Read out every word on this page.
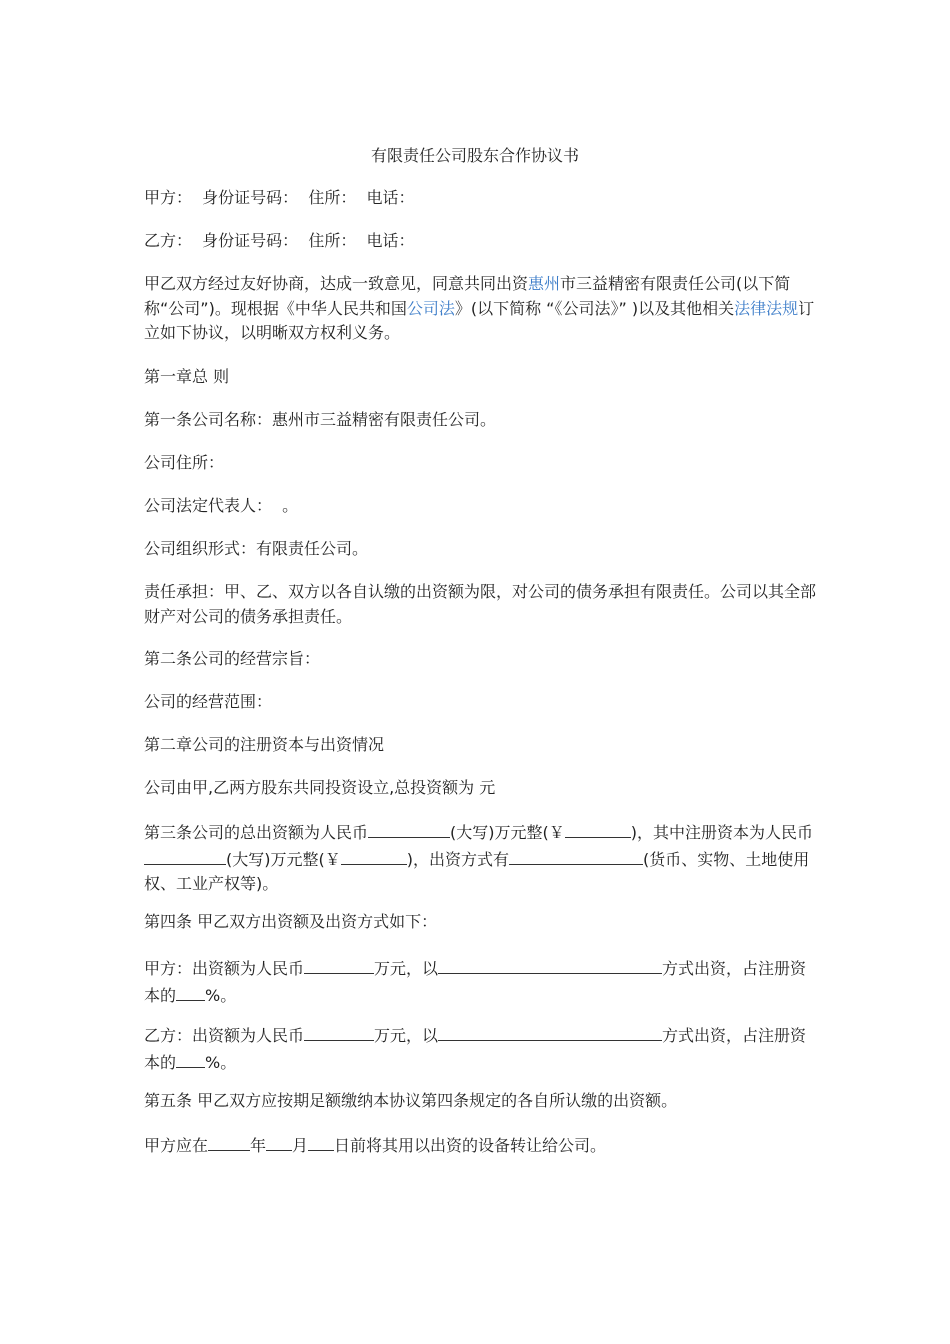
有限责任公司股东合作协议书
甲方：  身份证号码：  住所：  电话：
乙方：  身份证号码：  住所：  电话：
甲乙双方经过友好协商，达成一致意见，同意共同出资惠州市三益精密有限责任公司(以下简称“公司”)。现根据《中华人民共和国公司法》(以下简称 “《公司法》” )以及其他相关法律法规订立如下协议，以明晰双方权利义务。
第一章总 则
第一条公司名称：惠州市三益精密有限责任公司。
公司住所：
公司法定代表人：  。
公司组织形式：有限责任公司。
责任承担：甲、乙、双方以各自认缴的出资额为限，对公司的债务承担有限责任。公司以其全部财产对公司的债务承担责任。
第二条公司的经营宗旨：
公司的经营范围：
第二章公司的注册资本与出资情况
公司由甲,乙两方股东共同投资设立,总投资额为 元
第三条公司的总出资额为人民币	(大写)万元整(￥	)，其中注册资本为人民币(大写)万元整(￥	)，出资方式有	(货币、实物、土地使用权、工业产权等)。
第四条 甲乙双方出资额及出资方式如下：
甲方：出资额为人民币	万元，以	方式出资，占注册资本的 %。
乙方：出资额为人民币	万元，以	方式出资，占注册资本的 %。
第五条 甲乙双方应按期足额缴纳本协议第四条规定的各自所认缴的出资额。
甲方应在	年 月 日前将其用以出资的设备转让给公司。
